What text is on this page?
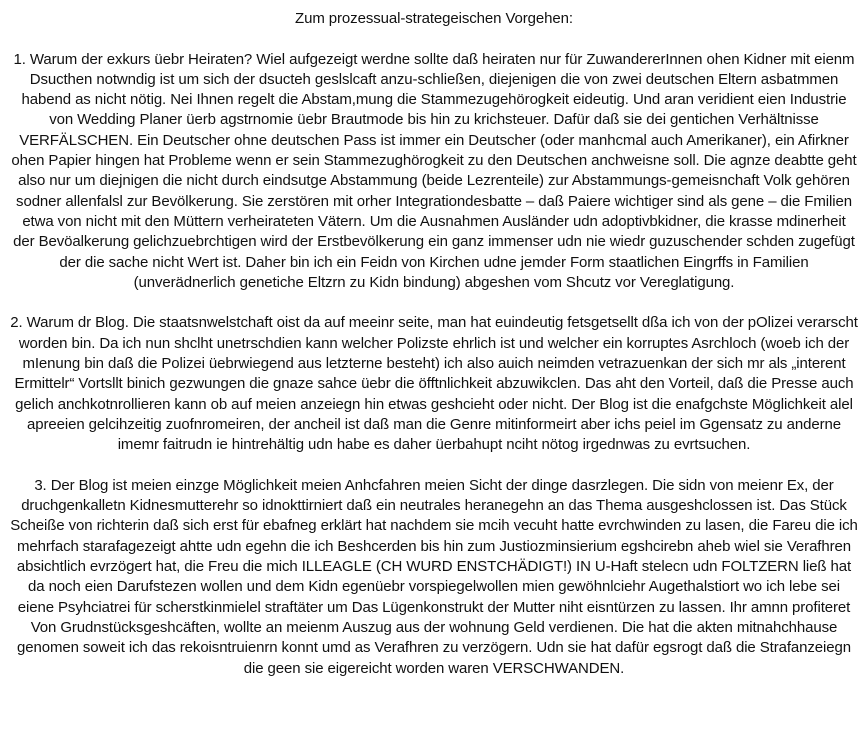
Zum prozessual-strategeischen Vorgehen:

1. Warum der exkurs üebr Heiraten? Wiel aufgezeigt werdne sollte daß heiraten nur für ZuwandererInnen ohen Kidner mit eienm Dsucthen notwndig ist um sich der dsucteh geslslcaft anzu-schließen, diejenigen die von zwei deutschen Eltern asbatmmen habend as nicht nötig. Nei Ihnen regelt die Abstam,mung die Stammezugehörogkeit eideutig. Und aran veridient eien Industrie von Wedding Planer üerb agstrnomie üebr Brautmode bis hin zu krichsteuer. Dafür daß sie dei gentichen Verhältnisse VERFÄLSCHEN. Ein Deutscher ohne deutschen Pass ist immer ein Deutscher (oder manhcmal auch Amerikaner), ein Afirkner ohen Papier hingen hat Probleme wenn er sein Stammezughörogkeit zu den Deutschen anchweisne soll. Die agnze deabtte geht also nur um diejnigen die nicht durch eindsutge Abstammung (beide Lezrenteile) zur Abstammungs-gemeisnchaft Volk gehören sodner allenfalsl zur Bevölkerung. Sie zerstören mit orher Integrationdesbatte – daß Paiere wichtiger sind als gene – die Fmilien etwa von nicht mit den Müttern verheirateten Vätern. Um die Ausnahmen Ausländer udn adoptivbkidner, die krasse mdinerheit der Bevöalkerung gelichzuebrchtigen wird der Erstbevölkerung ein ganz immenser udn nie wiedr guzuschender schden zugefügt der die sache nicht Wert ist. Daher bin ich ein Feidn von Kirchen udne jemder Form staatlichen Eingrffs in Familien (unverädnerlich genetiche Eltzrn zu Kidn bindung) abgeshen vom Shcutz vor Vereglatigung.

2. Warum dr Blog. Die staatsnwelstchaft oist da auf meeinr seite, man hat euindeutig fetsgetsellt dßa ich von der pOlizei verarscht worden bin. Da ich nun shclht unetrschdien kann welcher Polizste ehrlich ist und welcher ein korruptes Asrchloch (woeb ich der mIenung bin daß die Polizei üebrwiegend aus letzterne besteht) ich also auich neimden vetrazuenkan der sich mr als „interent Ermittelr“ Vortsllt binich gezwungen die gnaze sahce üebr die öfftnlichkeit abzuwikclen. Das aht den Vorteil, daß die Presse auch gelich anchkotnrollieren kann ob auf meien anzeiegn hin etwas geshcieht oder nicht. Der Blog ist die enafgchste Möglichkeit alel apreeien gelcihzeitig zuofnromeiren, der ancheil ist daß man die Genre mitinformeirt aber ichs peiel im Ggensatz zu anderne imemr faitrudn ie hintrehältig udn habe es daher üerbahupt nciht nötog irgednwas zu evrtsuchen.

3. Der Blog ist meien einzge Möglichkeit meien Anhcfahren meien Sicht der dinge dasrzlegen. Die sidn von meienr Ex, der druchgenkalletn Kidnesmutterehr so idnokttirniert daß ein neutrales heranegehn an das Thema ausgeshclossen ist. Das Stück Scheiße von richterin daß sich erst für ebafneg erklärt hat nachdem sie mcih vecuht hatte evrchwinden zu lasen, die Fareu die ich mehrfach starafagezeigt ahtte udn egehn die ich Beshcerden bis hin zum Justiozminsierium egshcirebn aheb wiel sie Verafhren absichtlich evrzögert hat, die Freu die mich ILLEAGLE (CH WURD ENSTCHÄDIGT!) IN U-Haft stelecn udn FOLTZERN ließ hat da noch eien Darufstezen wollen und dem Kidn egenüebr vorspiegelwollen mien gewöhnlciehr Augethalstiort wo ich lebe sei eiene Psyhciatrei für scherstkinmielel straftäter um Das Lügenkonstrukt der Mutter niht eisntürzen zu lassen. Ihr amnn profiteret Von Grudnstücksgeshcäften, wollte an meienm Auszug aus der wohnung Geld verdienen. Die hat die akten mitnahchhause genomen soweit ich das rekoisntruienrn konnt umd as Verafhren zu verzögern. Udn sie hat dafür egsrogt daß die Strafanzeiegn die geen sie eigereicht worden waren VERSCHWANDEN.
